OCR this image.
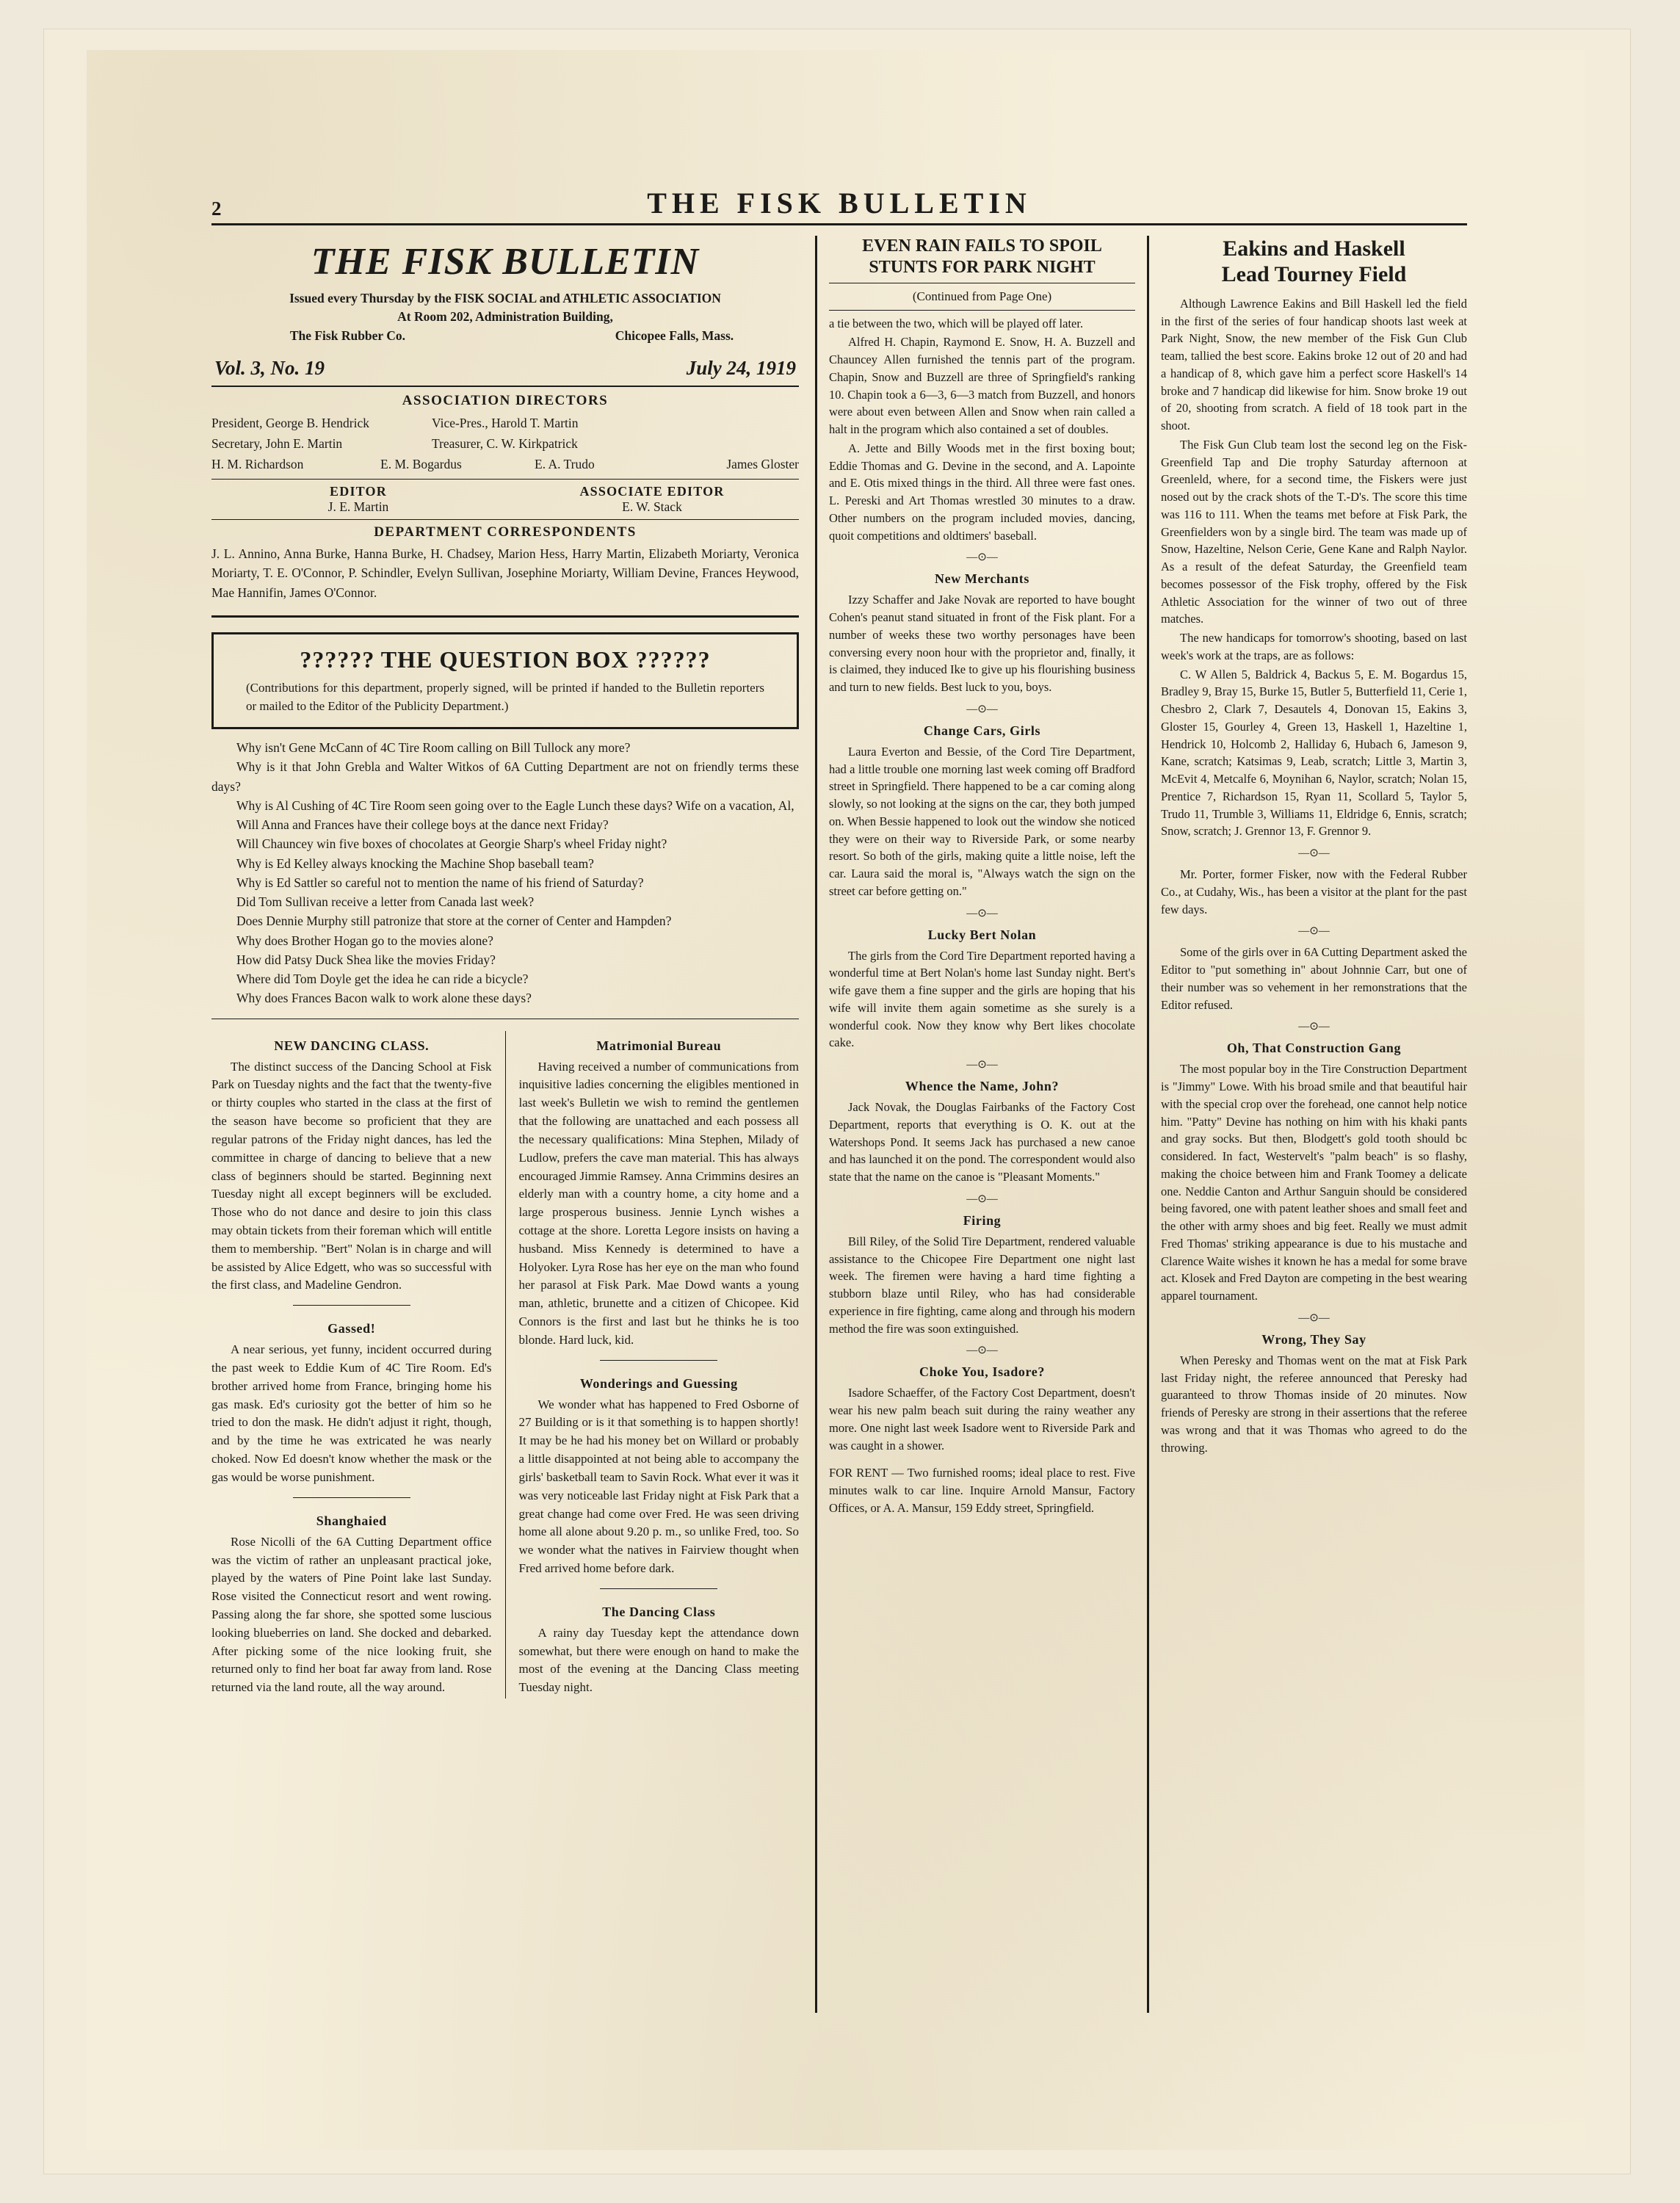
2	THE FISK BULLETIN
THE FISK BULLETIN
Issued every Thursday by the FISK SOCIAL and ATHLETIC ASSOCIATION
At Room 202, Administration Building,
The Fisk Rubber Co.	Chicopee Falls, Mass.
Vol. 3, No. 19	July 24, 1919
ASSOCIATION DIRECTORS
President, George B. Hendrick	Vice-Pres., Harold T. Martin
Secretary, John E. Martin	Treasurer, C. W. Kirkpatrick
H. M. Richardson	E. M. Bogardus	E. A. Trudo	James Gloster
EDITOR
J. E. Martin
ASSOCIATE EDITOR
E. W. Stack
DEPARTMENT CORRESPONDENTS
J. L. Annino, Anna Burke, Hanna Burke, H. Chadsey, Marion Hess, Harry Martin, Elizabeth Moriarty, Veronica Moriarty, T. E. O'Connor, P. Schindler, Evelyn Sullivan, Josephine Moriarty, William Devine, Frances Heywood, Mae Hannifin, James O'Connor.
?????? THE QUESTION BOX ??????
(Contributions for this department, properly signed, will be printed if handed to the Bulletin reporters or mailed to the Editor of the Publicity Department.)

Why isn't Gene McCann of 4C Tire Room calling on Bill Tullock any more?

Why is it that John Grebla and Walter Witkos of 6A Cutting Department are not on friendly terms these days?

Why is Al Cushing of 4C Tire Room seen going over to the Eagle Lunch these days? Wife on a vacation, Al,

Will Anna and Frances have their college boys at the dance next Friday?

Will Chauncey win five boxes of chocolates at Georgie Sharp's wheel Friday night?

Why is Ed Kelley always knocking the Machine Shop baseball team?

Why is Ed Sattler so careful not to mention the name of his friend of Saturday?

Did Tom Sullivan receive a letter from Canada last week?

Does Dennie Murphy still patronize that store at the corner of Center and Hampden?

Why does Brother Hogan go to the movies alone?

How did Patsy Duck Shea like the movies Friday?

Where did Tom Doyle get the idea he can ride a bicycle?

Why does Frances Bacon walk to work alone these days?

NEW DANCING CLASS.

The distinct success of the Dancing School at Fisk Park on Tuesday nights and the fact that the twenty-five or thirty couples who started in the class at the first of the season have become so proficient that they are regular patrons of the Friday night dances, has led the committee in charge of dancing to believe that a new class of beginners should be started. Beginning next Tuesday night all except beginners will be excluded. Those who do not dance and desire to join this class may obtain tickets from their foreman which will entitle them to membership. "Bert" Nolan is in charge and will be assisted by Alice Edgett, who was so successful with the first class, and Madeline Gendron.

Gassed!

A near serious, yet funny, incident occurred during the past week to Eddie Kum of 4C Tire Room. Ed's brother arrived home from France, bringing home his gas mask. Ed's curiosity got the better of him so he tried to don the mask. He didn't adjust it right, though, and by the time he was extricated he was nearly choked. Now Ed doesn't know whether the mask or the gas would be worse punishment.

Shanghaied

Rose Nicolli of the 6A Cutting Department office was the victim of rather an unpleasant practical joke, played by the waters of Pine Point lake last Sunday. Rose visited the Connecticut resort and went rowing. Passing along the far shore, she spotted some luscious looking blueberries on land. She docked and debarked. After picking some of the nice looking fruit, she returned only to find her boat far away from land. Rose returned via the land route, all the way around.

Matrimonial Bureau

Having received a number of communications from inquisitive ladies concerning the eligibles mentioned in last week's Bulletin we wish to remind the gentlemen that the following are unattached and each possess all the necessary qualifications: Mina Stephen, Milady of Ludlow, prefers the cave man material. This has always encouraged Jimmie Ramsey. Anna Crimmins desires an elderly man with a country home, a city home and a large prosperous business. Jennie Lynch wishes a cottage at the shore. Loretta Legore insists on having a husband. Miss Kennedy is determined to have a Holyoker. Lyra Rose has her eye on the man who found her parasol at Fisk Park. Mae Dowd wants a young man, athletic, brunette and a citizen of Chicopee. Kid Connors is the first and last but he thinks he is too blonde. Hard luck, kid.

Wonderings and Guessing

We wonder what has happened to Fred Osborne of 27 Building or is it that something is to happen shortly! It may be he had his money bet on Willard or probably a little disappointed at not being able to accompany the girls' basketball team to Savin Rock. What ever it was it was very noticeable last Friday night at Fisk Park that a great change had come over Fred. He was seen driving home all alone about 9.20 p. m., so unlike Fred, too. So we wonder what the natives in Fairview thought when Fred arrived home before dark.

The Dancing Class

A rainy day Tuesday kept the attendance down somewhat, but there were enough on hand to make the most of the evening at the Dancing Class meeting Tuesday night.

EVEN RAIN FAILS TO SPOIL
STUNTS FOR PARK NIGHT
(Continued from Page One)

a tie between the two, which will be played off later.

Alfred H. Chapin, Raymond E. Snow, H. A. Buzzell and Chauncey Allen furnished the tennis part of the program. Chapin, Snow and Buzzell are three of Springfield's ranking 10. Chapin took a 6—3, 6—3 match from Buzzell, and honors were about even between Allen and Snow when rain called a halt in the program which also contained a set of doubles.

A. Jette and Billy Woods met in the first boxing bout; Eddie Thomas and G. Devine in the second, and A. Lapointe and E. Otis mixed things in the third. All three were fast ones. L. Pereski and Art Thomas wrestled 30 minutes to a draw. Other numbers on the program included movies, dancing, quoit competitions and oldtimers' baseball.

—⊙—
New Merchants

Izzy Schaffer and Jake Novak are reported to have bought Cohen's peanut stand situated in front of the Fisk plant. For a number of weeks these two worthy personages have been conversing every noon hour with the proprietor and, finally, it is claimed, they induced Ike to give up his flourishing business and turn to new fields. Best luck to you, boys.

—⊙—
Change Cars, Girls

Laura Everton and Bessie, of the Cord Tire Department, had a little trouble one morning last week coming off Bradford street in Springfield. There happened to be a car coming along slowly, so not looking at the signs on the car, they both jumped on. When Bessie happened to look out the window she noticed they were on their way to Riverside Park, or some nearby resort. So both of the girls, making quite a little noise, left the car. Laura said the moral is, "Always watch the sign on the street car before getting on."

—⊙—
Lucky Bert Nolan

The girls from the Cord Tire Department reported having a wonderful time at Bert Nolan's home last Sunday night. Bert's wife gave them a fine supper and the girls are hoping that his wife will invite them again sometime as she surely is a wonderful cook. Now they know why Bert likes chocolate cake.

—⊙—
Whence the Name, John?

Jack Novak, the Douglas Fairbanks of the Factory Cost Department, reports that everything is O. K. out at the Watershops Pond. It seems Jack has purchased a new canoe and has launched it on the pond. The correspondent would also state that the name on the canoe is "Pleasant Moments."

—⊙—
Firing

Bill Riley, of the Solid Tire Department, rendered valuable assistance to the Chicopee Fire Department one night last week. The firemen were having a hard time fighting a stubborn blaze until Riley, who has had considerable experience in fire fighting, came along and through his modern method the fire was soon extinguished.

—⊙—
Choke You, Isadore?

Isadore Schaeffer, of the Factory Cost Department, doesn't wear his new palm beach suit during the rainy weather any more. One night last week Isadore went to Riverside Park and was caught in a shower.

FOR RENT — Two furnished rooms; ideal place to rest. Five minutes walk to car line. Inquire Arnold Mansur, Factory Offices, or A. A. Mansur, 159 Eddy street, Springfield.

Eakins and Haskell
Lead Tourney Field

Although Lawrence Eakins and Bill Haskell led the field in the first of the series of four handicap shoots last week at Park Night, Snow, the new member of the Fisk Gun Club team, tallied the best score. Eakins broke 12 out of 20 and had a handicap of 8, which gave him a perfect score Haskell's 14 broke and 7 handicap did likewise for him. Snow broke 19 out of 20, shooting from scratch. A field of 18 took part in the shoot.

The Fisk Gun Club team lost the second leg on the Fisk-Greenfield Tap and Die trophy Saturday afternoon at Greenleld, where, for a second time, the Fiskers were just nosed out by the crack shots of the T.-D's. The score this time was 116 to 111. When the teams met before at Fisk Park, the Greenfielders won by a single bird. The team was made up of Snow, Hazeltine, Nelson Cerie, Gene Kane and Ralph Naylor. As a result of the defeat Saturday, the Greenfield team becomes possessor of the Fisk trophy, offered by the Fisk Athletic Association for the winner of two out of three matches.

The new handicaps for tomorrow's shooting, based on last week's work at the traps, are as follows:

C. W Allen 5, Baldrick 4, Backus 5, E. M. Bogardus 15, Bradley 9, Bray 15, Burke 15, Butler 5, Butterfield 11, Cerie 1, Chesbro 2, Clark 7, Desautels 4, Donovan 15, Eakins 3, Gloster 15, Gourley 4, Green 13, Haskell 1, Hazeltine 1, Hendrick 10, Holcomb 2, Halliday 6, Hubach 6, Jameson 9, Kane, scratch; Katsimas 9, Leab, scratch; Little 3, Martin 3, McEvit 4, Metcalfe 6, Moynihan 6, Naylor, scratch; Nolan 15, Prentice 7, Richardson 15, Ryan 11, Scollard 5, Taylor 5, Trudo 11, Trumble 3, Williams 11, Eldridge 6, Ennis, scratch; Snow, scratch; J. Grennor 13, F. Grennor 9.

—⊙—

Mr. Porter, former Fisker, now with the Federal Rubber Co., at Cudahy, Wis., has been a visitor at the plant for the past few days.

—⊙—

Some of the girls over in 6A Cutting Department asked the Editor to "put something in" about Johnnie Carr, but one of their number was so vehement in her remonstrations that the Editor refused.

—⊙—
Oh, That Construction Gang

The most popular boy in the Tire Construction Department is "Jimmy" Lowe. With his broad smile and that beautiful hair with the special crop over the forehead, one cannot help notice him. "Patty" Devine has nothing on him with his khaki pants and gray socks. But then, Blodgett's gold tooth should bc considered. In fact, Westervelt's "palm beach" is so flashy, making the choice between him and Frank Toomey a delicate one. Neddie Canton and Arthur Sanguin should be considered being favored, one with patent leather shoes and small feet and the other with army shoes and big feet. Really we must admit Fred Thomas' striking appearance is due to his mustache and Clarence Waite wishes it known he has a medal for some brave act. Klosek and Fred Dayton are competing in the best wearing apparel tournament.

—⊙—
Wrong, They Say

When Peresky and Thomas went on the mat at Fisk Park last Friday night, the referee announced that Peresky had guaranteed to throw Thomas inside of 20 minutes. Now friends of Peresky are strong in their assertions that the referee was wrong and that it was Thomas who agreed to do the throwing.
